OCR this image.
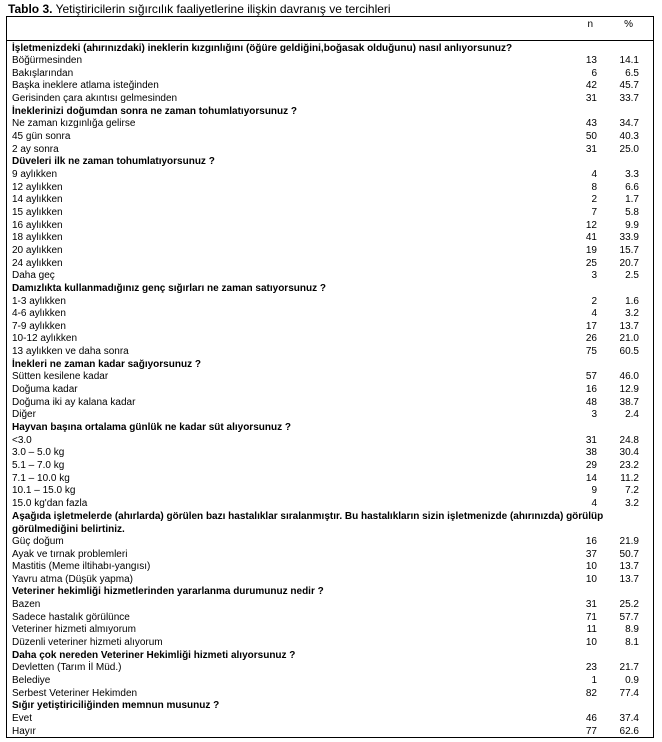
Tablo 3. Yetiştiricilerin sığırcılık faaliyetlerine ilişkin davranış ve tercihleri
n	%
İşletmenizdeki (ahırınızdaki) ineklerin kızgınlığını (öğüre geldiğini,boğasak olduğunu) nasıl anlıyorsunuz?
Böğürmesinden	13	14.1
Bakışlarından	6	6.5
Başka ineklere atlama isteğinden	42	45.7
Gerisinden çara akıntısı gelmesinden	31	33.7
İneklerinizi doğumdan sonra ne zaman tohumlatıyorsunuz ?
Ne zaman kızgınlığa gelirse	43	34.7
45 gün sonra	50	40.3
2 ay sonra	31	25.0
Düveleri ilk ne zaman tohumlatıyorsunuz ?
9 aylıkken	4	3.3
12 aylıkken	8	6.6
14 aylıkken	2	1.7
15 aylıkken	7	5.8
16 aylıkken	12	9.9
18 aylıkken	41	33.9
20 aylıkken	19	15.7
24 aylıkken	25	20.7
Daha geç	3	2.5
Damızlıkta kullanmadığınız genç sığırları ne zaman satıyorsunuz ?
1-3 aylıkken	2	1.6
4-6 aylıkken	4	3.2
7-9 aylıkken	17	13.7
10-12 aylıkken	26	21.0
13 aylıkken ve daha sonra	75	60.5
İnekleri ne zaman kadar sağıyorsunuz ?
Sütten kesilene kadar	57	46.0
Doğuma kadar	16	12.9
Doğuma iki ay kalana kadar	48	38.7
Diğer	3	2.4
Hayvan başına ortalama günlük ne kadar süt alıyorsunuz ?
<3.0	31	24.8
3.0 – 5.0 kg	38	30.4
5.1 – 7.0 kg	29	23.2
7.1 – 10.0 kg	14	11.2
10.1 – 15.0 kg	9	7.2
15.0 kg'dan fazla	4	3.2
Aşağıda işletmelerde (ahırlarda) görülen bazı hastalıklar sıralanmıştır. Bu hastalıkların sizin işletmenizde (ahırınızda) görülüp görülmediğini belirtiniz.
Güç doğum	16	21.9
Ayak ve tırnak problemleri	37	50.7
Mastitis (Meme iltihabı-yangısı)	10	13.7
Yavru atma (Düşük yapma)	10	13.7
Veteriner hekimliği hizmetlerinden yararlanma durumunuz nedir ?
Bazen	31	25.2
Sadece hastalık görülünce	71	57.7
Veteriner hizmeti almıyorum	11	8.9
Düzenli veteriner hizmeti alıyorum	10	8.1
Daha çok nereden Veteriner Hekimliği hizmeti alıyorsunuz ?
Devletten (Tarım İl Müd.)	23	21.7
Belediye	1	0.9
Serbest Veteriner Hekimden	82	77.4
Sığır yetiştiriciliğinden memnun musunuz ?
Evet	46	37.4
Hayır	77	62.6
